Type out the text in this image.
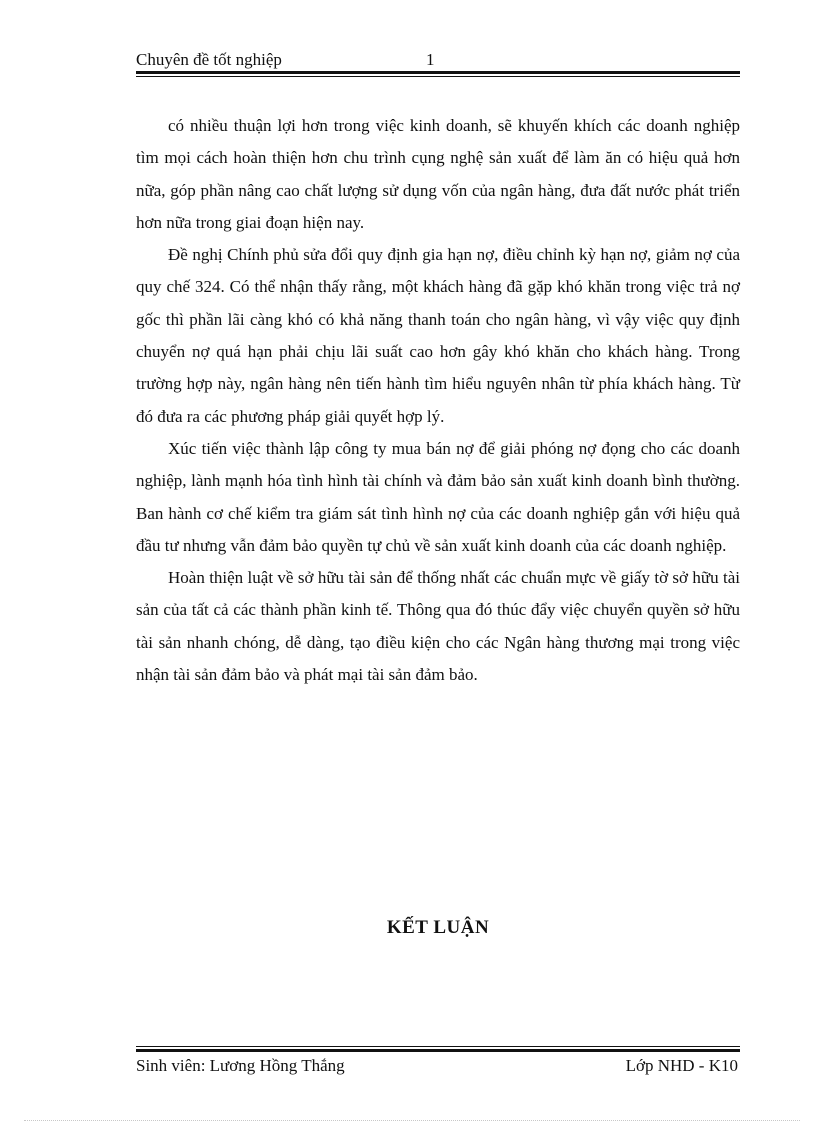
Chuyên đề tốt nghiệp	1

có nhiều thuận lợi hơn trong việc kinh doanh, sẽ khuyến khích các doanh nghiệp tìm mọi cách hoàn thiện hơn chu trình cụng nghệ sản xuất để làm ăn có hiệu quả hơn nữa, góp phần nâng cao chất lượng sử dụng vốn của ngân hàng, đưa đất nước phát triển hơn nữa trong giai đoạn hiện nay.

Đề nghị Chính phủ sửa đổi quy định gia hạn nợ, điều chỉnh kỳ hạn nợ, giảm nợ của quy chế 324. Có thể nhận thấy rằng, một khách hàng đã gặp khó khăn trong việc trả nợ gốc thì phần lãi càng khó có khả năng thanh toán cho ngân hàng, vì vậy việc quy định chuyển nợ quá hạn phải chịu lãi suất cao hơn gây khó khăn cho khách hàng. Trong trường hợp này, ngân hàng nên tiến hành tìm hiểu nguyên nhân từ phía khách hàng. Từ đó đưa ra các phương pháp giải quyết hợp lý.

Xúc tiến việc thành lập công ty mua bán nợ để giải phóng nợ đọng cho các doanh nghiệp, lành mạnh hóa tình hình tài chính và đảm bảo sản xuất kinh doanh bình thường. Ban hành cơ chế kiểm tra giám sát tình hình nợ của các doanh nghiệp gắn với hiệu quả đầu tư nhưng vẫn đảm bảo quyền tự chủ về sản xuất kinh doanh của các doanh nghiệp.

Hoàn thiện luật về sở hữu tài sản để thống nhất các chuẩn mực về giấy tờ sở hữu tài sản của tất cả các thành phần kinh tế. Thông qua đó thúc đẩy việc chuyển quyền sở hữu tài sản nhanh chóng, dễ dàng, tạo điều kiện cho các Ngân hàng thương mại trong việc nhận tài sản đảm bảo và phát mại tài sản đảm bảo.

KẾT LUẬN
Sinh viên: Lương Hồng Thắng	Lớp NHD - K10
